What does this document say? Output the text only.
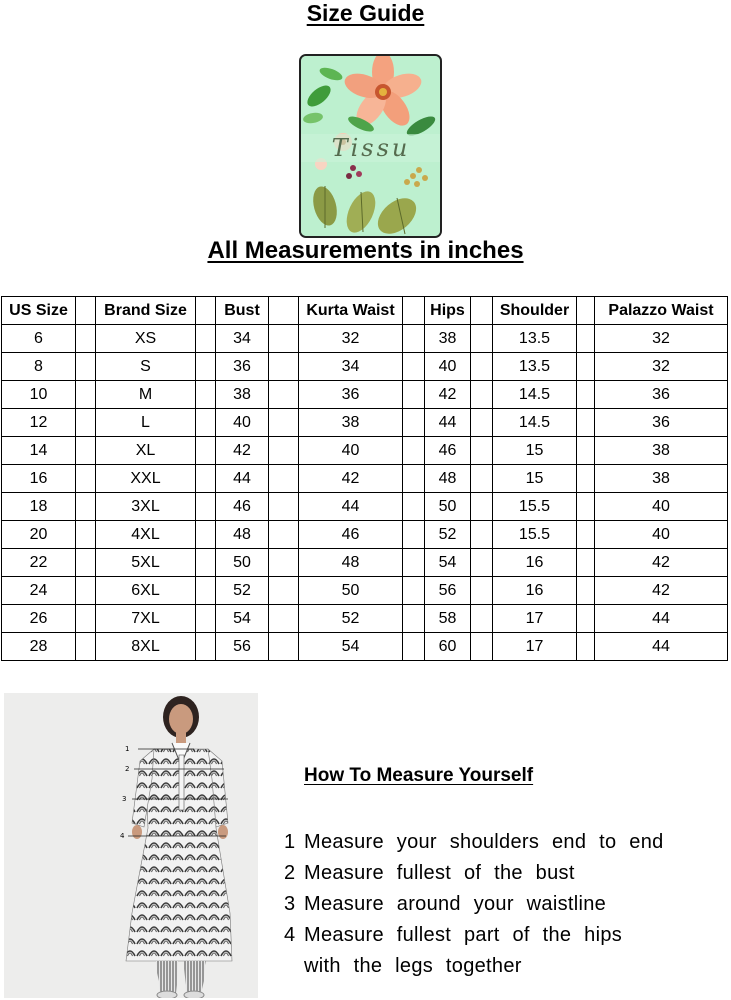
Size Guide
Tissu
All Measurements in inches
US Size		Brand Size		Bust		Kurta Waist		Hips		Shoulder		Palazzo Waist
6		XS		34		32		38		13.5		32
8		S		36		34		40		13.5		32
10		M		38		36		42		14.5		36
12		L		40		38		44		14.5		36
14		XL		42		40		46		15		38
16		XXL		44		42		48		15		38
18		3XL		46		44		50		15.5		40
20		4XL		48		46		52		15.5		40
22		5XL		50		48		54		16		42
24		6XL		52		50		56		16		42
26		7XL		54		52		58		17		44
28		8XL		56		54		60		17		44
1
2
3
4
How To Measure Yourself
1 Measure your shoulders end to end
2 Measure fullest of the bust
3 Measure around your waistline
4 Measure fullest part of the hips
with the legs together
